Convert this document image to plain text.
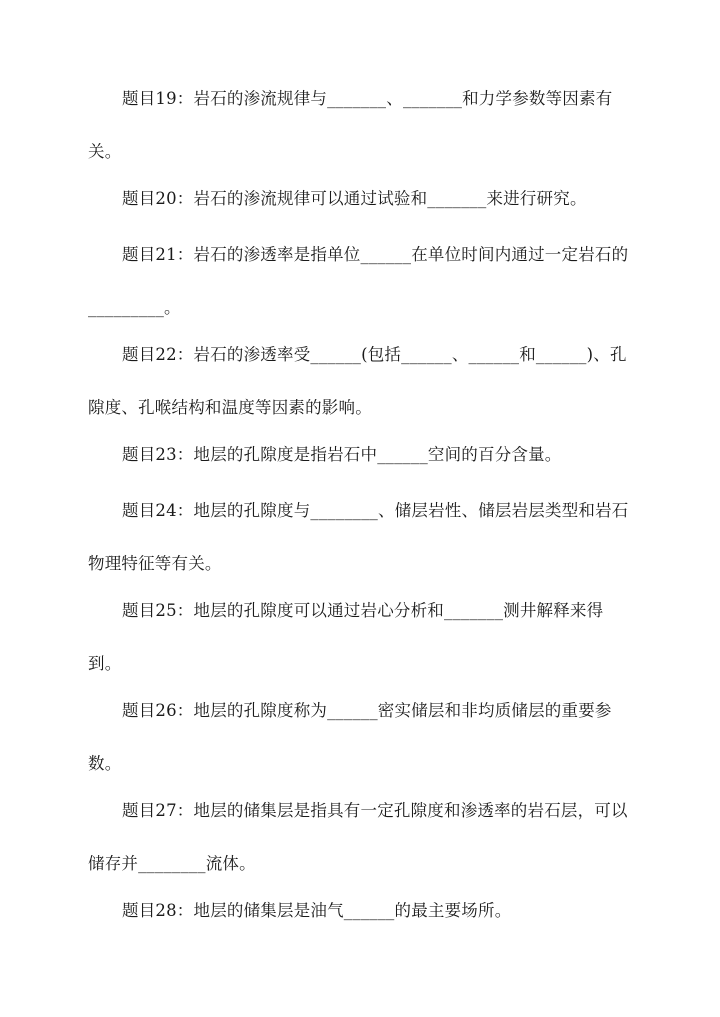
题目19：岩石的渗流规律与_______、_______和力学参数等因素有关。

题目20：岩石的渗流规律可以通过试验和_______来进行研究。

题目21：岩石的渗透率是指单位______在单位时间内通过一定岩石的_________。

题目22：岩石的渗透率受______(包括______、______和______)、孔隙度、孔喉结构和温度等因素的影响。

题目23：地层的孔隙度是指岩石中______空间的百分含量。

题目24：地层的孔隙度与________、储层岩性、储层岩层类型和岩石物理特征等有关。

题目25：地层的孔隙度可以通过岩心分析和_______测井解释来得到。

题目26：地层的孔隙度称为______密实储层和非均质储层的重要参数。

题目27：地层的储集层是指具有一定孔隙度和渗透率的岩石层，可以储存并________流体。

题目28：地层的储集层是油气______的最主要场所。
